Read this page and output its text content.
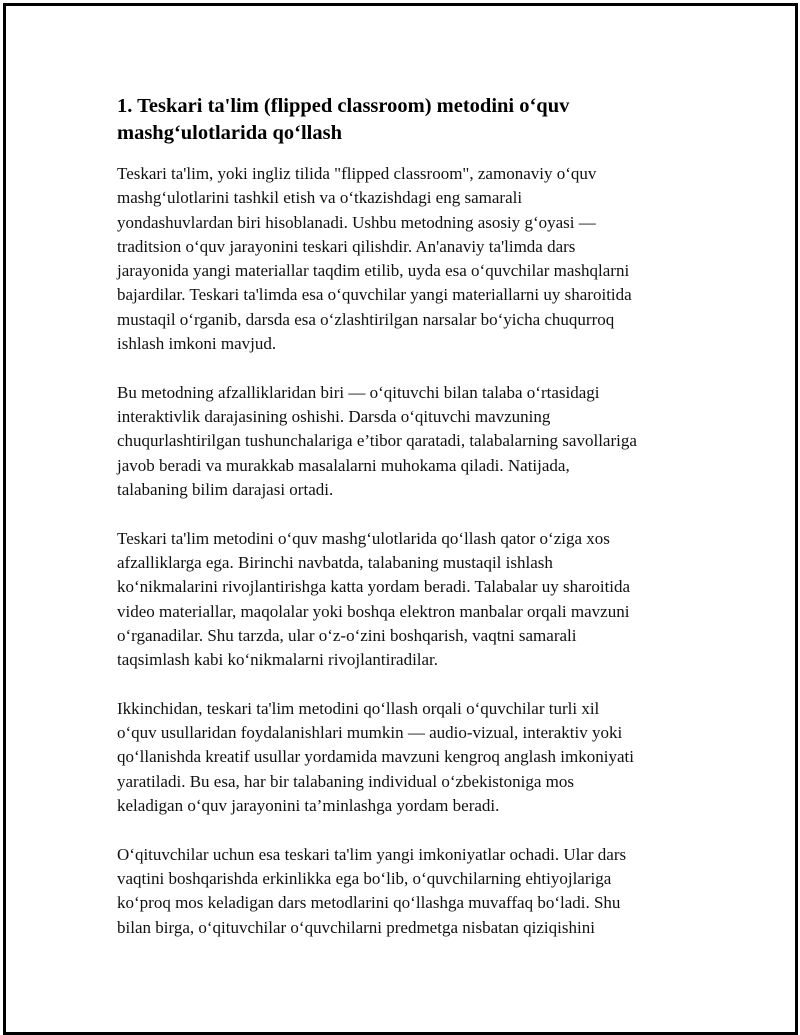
1. Teskari ta'lim (flipped classroom) metodini o‘quv
mashg‘ulotlarida qo‘llash

Teskari ta'lim, yoki ingliz tilida "flipped classroom", zamonaviy o‘quv
mashg‘ulotlarini tashkil etish va o‘tkazishdagi eng samarali
yondashuvlardan biri hisoblanadi. Ushbu metodning asosiy g‘oyasi —
traditsion o‘quv jarayonini teskari qilishdir. An'anaviy ta'limda dars
jarayonida yangi materiallar taqdim etilib, uyda esa o‘quvchilar mashqlarni
bajardilar. Teskari ta'limda esa o‘quvchilar yangi materiallarni uy sharoitida
mustaqil o‘rganib, darsda esa o‘zlashtirilgan narsalar bo‘yicha chuqurroq
ishlash imkoni mavjud.

Bu metodning afzalliklaridan biri — o‘qituvchi bilan talaba o‘rtasidagi
interaktivlik darajasining oshishi. Darsda o‘qituvchi mavzuning
chuqurlashtirilgan tushunchalariga e’tibor qaratadi, talabalarning savollariga
javob beradi va murakkab masalalarni muhokama qiladi. Natijada,
talabaning bilim darajasi ortadi.

Teskari ta'lim metodini o‘quv mashg‘ulotlarida qo‘llash qator o‘ziga xos
afzalliklarga ega. Birinchi navbatda, talabaning mustaqil ishlash
ko‘nikmalarini rivojlantirishga katta yordam beradi. Talabalar uy sharoitida
video materiallar, maqolalar yoki boshqa elektron manbalar orqali mavzuni
o‘rganadilar. Shu tarzda, ular o‘z-o‘zini boshqarish, vaqtni samarali
taqsimlash kabi ko‘nikmalarni rivojlantiradilar.

Ikkinchidan, teskari ta'lim metodini qo‘llash orqali o‘quvchilar turli xil
o‘quv usullaridan foydalanishlari mumkin — audio-vizual, interaktiv yoki
qo‘llanishda kreatif usullar yordamida mavzuni kengroq anglash imkoniyati
yaratiladi. Bu esa, har bir talabaning individual o‘zbekistoniga mos
keladigan o‘quv jarayonini ta’minlashga yordam beradi.

O‘qituvchilar uchun esa teskari ta'lim yangi imkoniyatlar ochadi. Ular dars
vaqtini boshqarishda erkinlikka ega bo‘lib, o‘quvchilarning ehtiyojlariga
ko‘proq mos keladigan dars metodlarini qo‘llashga muvaffaq bo‘ladi. Shu
bilan birga, o‘qituvchilar o‘quvchilarni predmetga nisbatan qiziqishini
